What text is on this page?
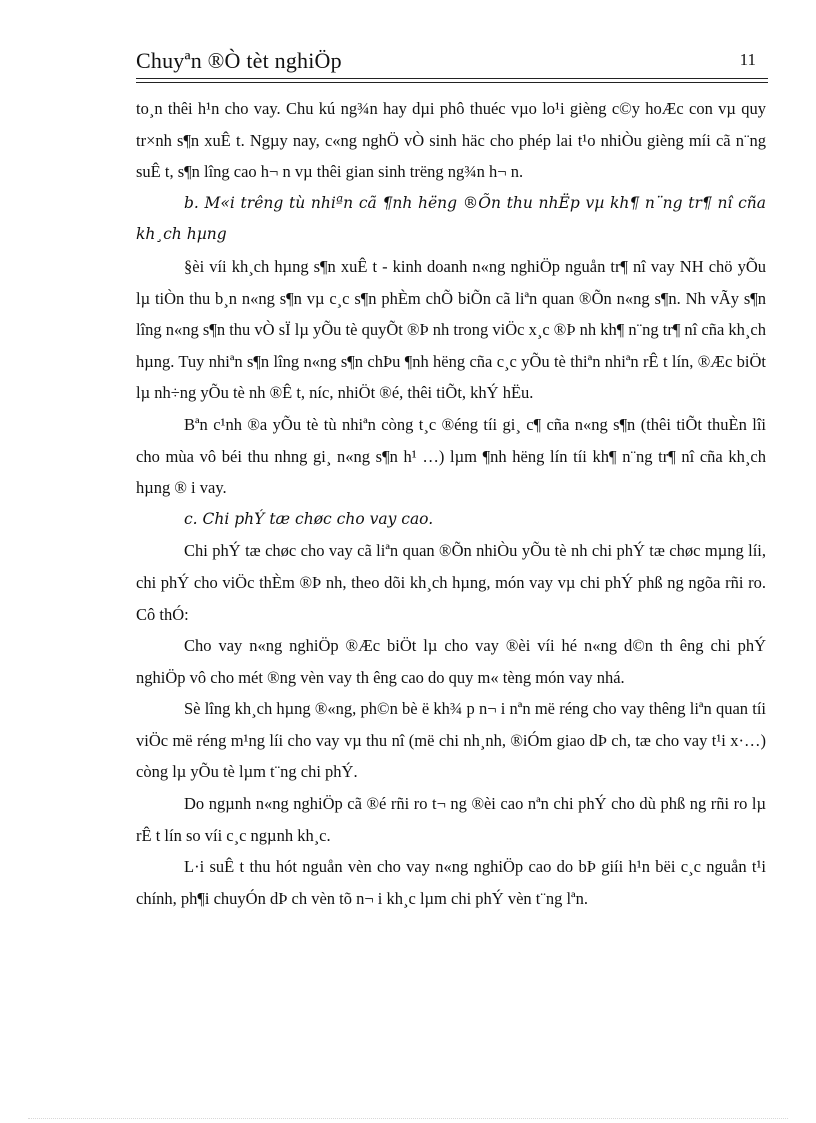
Chuyªn ®Ò tèt nghiÖp	11

to¸n thêi h¹n cho vay. Chu kú ng¾n hay dµi phô thuéc vµo lo¹i gièng c©y hoÆc con vµ quy tr×nh s¶n xuÊ t. Ngµy nay, c«ng nghÖ vÒ sinh häc cho phép lai t¹o nhiÒu gièng míi cã n¨ng suÊ t, s¶n lîng cao h¬ n vµ thêi gian sinh trëng ng¾n h¬ n.

b. M«i trêng tù nhiªn cã ¶nh hëng ®Õn thu nhËp vµ kh¶ n¨ng tr¶ nî cña kh¸ch hµng

§èi víi kh¸ch hµng s¶n xuÊ t - kinh doanh n«ng nghiÖp nguån tr¶ nî vay NH chö yÕu lµ tiÒn thu b¸n n«ng s¶n vµ c¸c s¶n phÈm chÕ biÕn cã liªn quan ®Õn n«ng s¶n. Nh vÃy s¶n lîng n«ng s¶n thu vÒ sÏ lµ yÕu tè quyÕt ®Þ nh trong viÖc x¸c ®Þ nh kh¶ n¨ng tr¶ nî cña kh¸ch hµng. Tuy nhiªn s¶n lîng n«ng s¶n chÞu ¶nh hëng cña c¸c yÕu tè thiªn nhiªn rÊ t lín, ®Æc biÖt lµ nh÷ng yÕu tè nh ®Ê t, níc, nhiÖt ®é, thêi tiÕt, khÝ hËu.

Bªn c¹nh ®a yÕu tè tù nhiªn còng t¸c ®éng tíi gi¸ c¶ cña n«ng s¶n (thêi tiÕt thuÈn lîi cho mùa vô béi thu nhng gi¸ n«ng s¶n h¹ …) lµm ¶nh hëng lín tíi kh¶ n¨ng tr¶ nî cña kh¸ch hµng ® i vay.

c. Chi phÝ tæ chøc cho vay cao.

Chi phÝ tæ chøc cho vay cã liªn quan ®Õn nhiÒu yÕu tè nh chi phÝ tæ chøc mµng líi, chi phÝ cho viÖc thÈm ®Þ nh, theo dõi kh¸ch hµng, món vay vµ chi phÝ phß ng ngõa rñi ro. Cô thÓ:

Cho vay n«ng nghiÖp ®Æc biÖt lµ cho vay ®èi víi hé n«ng d©n th êng chi phÝ nghiÖp vô cho mét ®ng vèn vay th êng cao do quy m« tèng món vay nhá.

Sè lîng kh¸ch hµng ®«ng, ph©n bè ë kh¾ p n¬ i nªn më réng cho vay thêng liªn quan tíi viÖc më réng m¹ng líi cho vay vµ thu nî (më chi nh¸nh, ®iÓm giao dÞ ch, tæ cho vay t¹i x·…) còng lµ yÕu tè lµm t¨ng chi phÝ.

Do ngµnh n«ng nghiÖp cã ®é rñi ro t¬ ng ®èi cao nªn chi phÝ cho dù phß ng rñi ro lµ rÊ t lín so víi c¸c ngµnh kh¸c.

L·i suÊ t thu hót nguån vèn cho vay n«ng nghiÖp cao do bÞ giíi h¹n bëi c¸c nguån t¹i chính, ph¶i chuyÓn dÞ ch vèn tõ n¬ i kh¸c lµm chi phÝ vèn t¨ng lªn.
